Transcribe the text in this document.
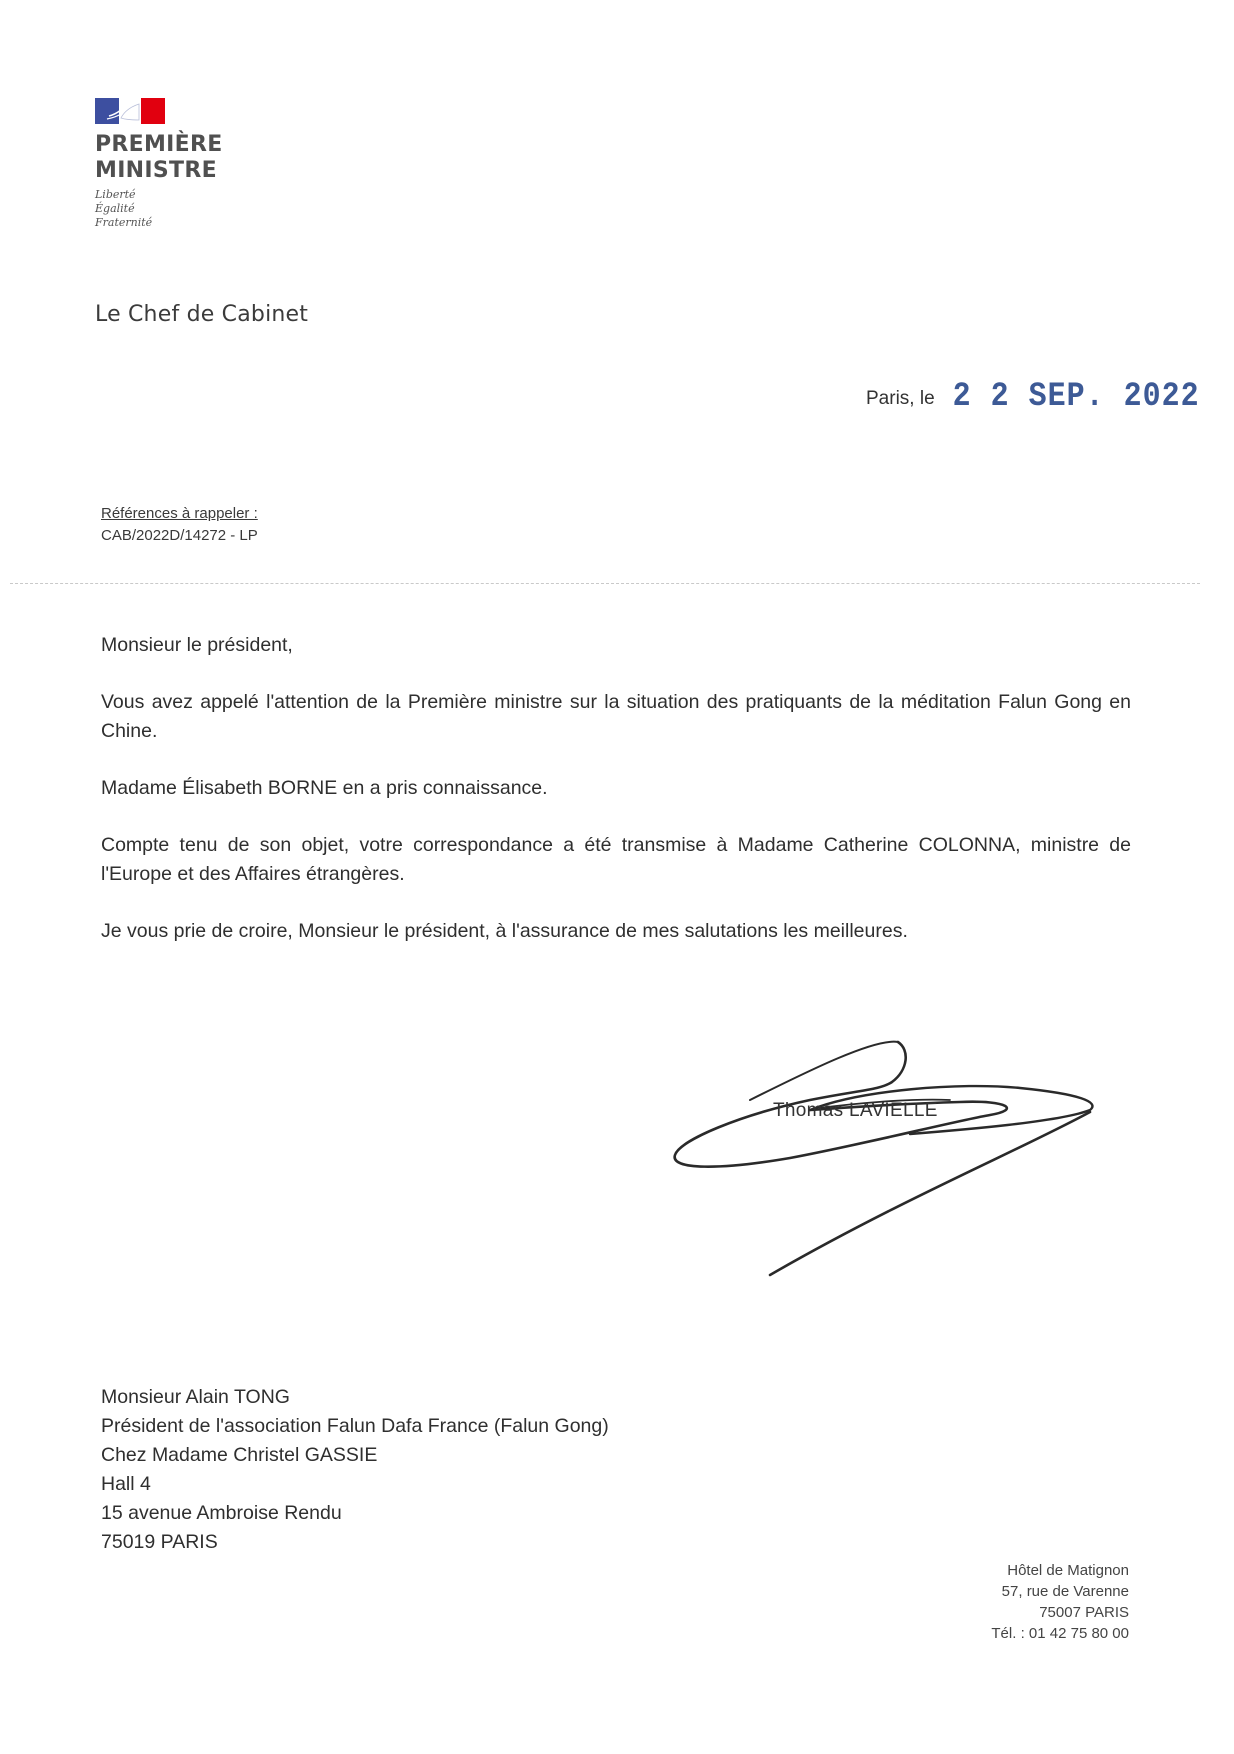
PREMIÈRE
MINISTRE
Liberté
Égalité
Fraternité
Le Chef de Cabinet
Paris, le 2 2 SEP. 2022
Références à rappeler :
CAB/2022D/14272 - LP

Monsieur le président,

Vous avez appelé l'attention de la Première ministre sur la situation des pratiquants de la méditation Falun Gong en Chine.

Madame Élisabeth BORNE en a pris connaissance.

Compte tenu de son objet, votre correspondance a été transmise à Madame Catherine COLONNA, ministre de l'Europe et des Affaires étrangères.

Je vous prie de croire, Monsieur le président, à l'assurance de mes salutations les meilleures.

Thomas LAVIELLE
Monsieur Alain TONG
Président de l'association Falun Dafa France (Falun Gong)
Chez Madame Christel GASSIE
Hall 4
15 avenue Ambroise Rendu
75019 PARIS
Hôtel de Matignon
57, rue de Varenne
75007 PARIS
Tél. : 01 42 75 80 00
